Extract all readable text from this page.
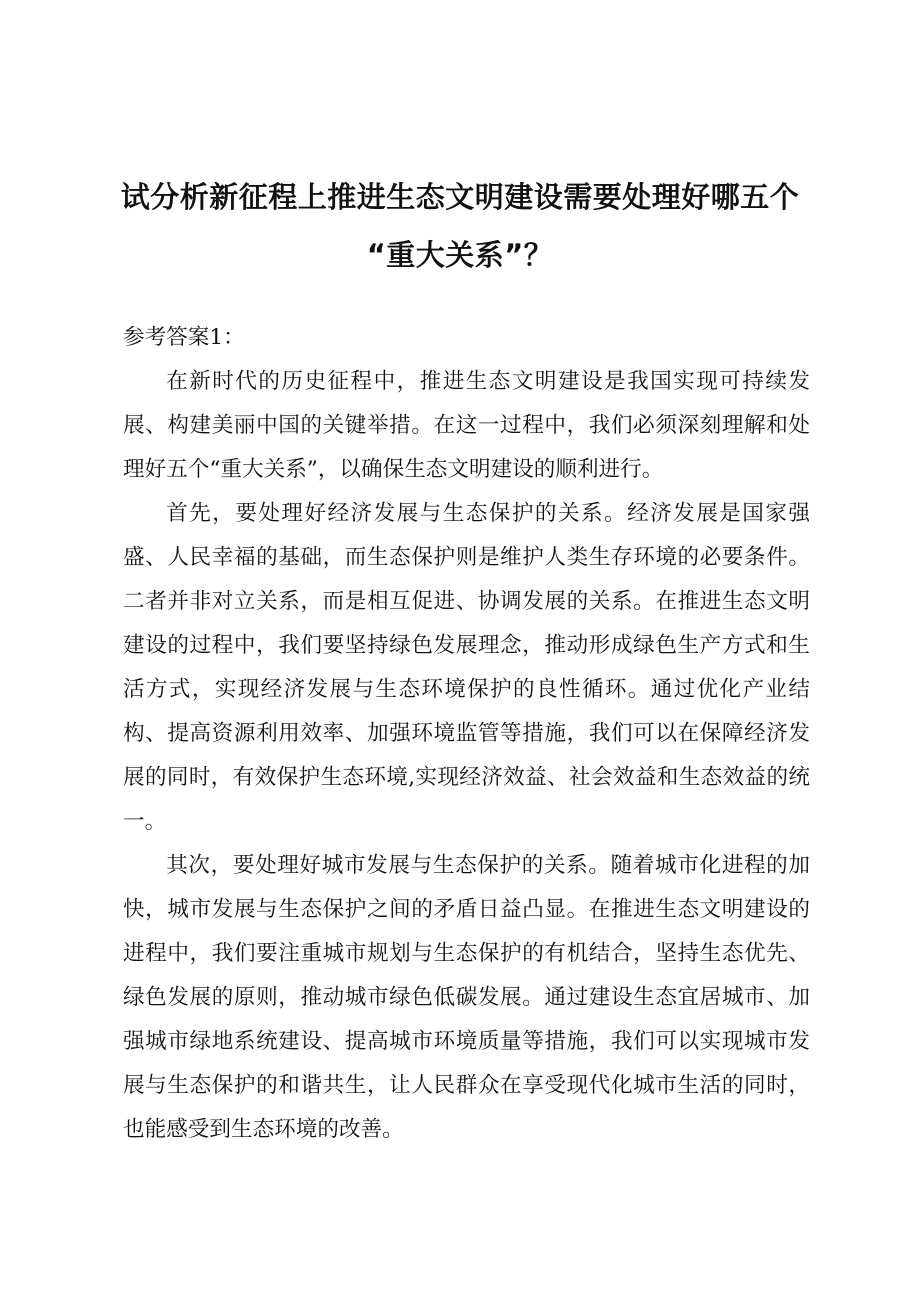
试分析新征程上推进生态文明建设需要处理好哪五个
“重大关系”？

参考答案1：

在新时代的历史征程中，推进生态文明建设是我国实现可持续发展、构建美丽中国的关键举措。在这一过程中，我们必须深刻理解和处理好五个“重大关系”，以确保生态文明建设的顺利进行。

首先，要处理好经济发展与生态保护的关系。经济发展是国家强盛、人民幸福的基础，而生态保护则是维护人类生存环境的必要条件。二者并非对立关系，而是相互促进、协调发展的关系。在推进生态文明建设的过程中，我们要坚持绿色发展理念，推动形成绿色生产方式和生活方式，实现经济发展与生态环境保护的良性循环。通过优化产业结构、提高资源利用效率、加强环境监管等措施，我们可以在保障经济发展的同时，有效保护生态环境,实现经济效益、社会效益和生态效益的统一。

其次，要处理好城市发展与生态保护的关系。随着城市化进程的加快，城市发展与生态保护之间的矛盾日益凸显。在推进生态文明建设的进程中，我们要注重城市规划与生态保护的有机结合，坚持生态优先、绿色发展的原则，推动城市绿色低碳发展。通过建设生态宜居城市、加强城市绿地系统建设、提高城市环境质量等措施，我们可以实现城市发展与生态保护的和谐共生，让人民群众在享受现代化城市生活的同时，也能感受到生态环境的改善。
